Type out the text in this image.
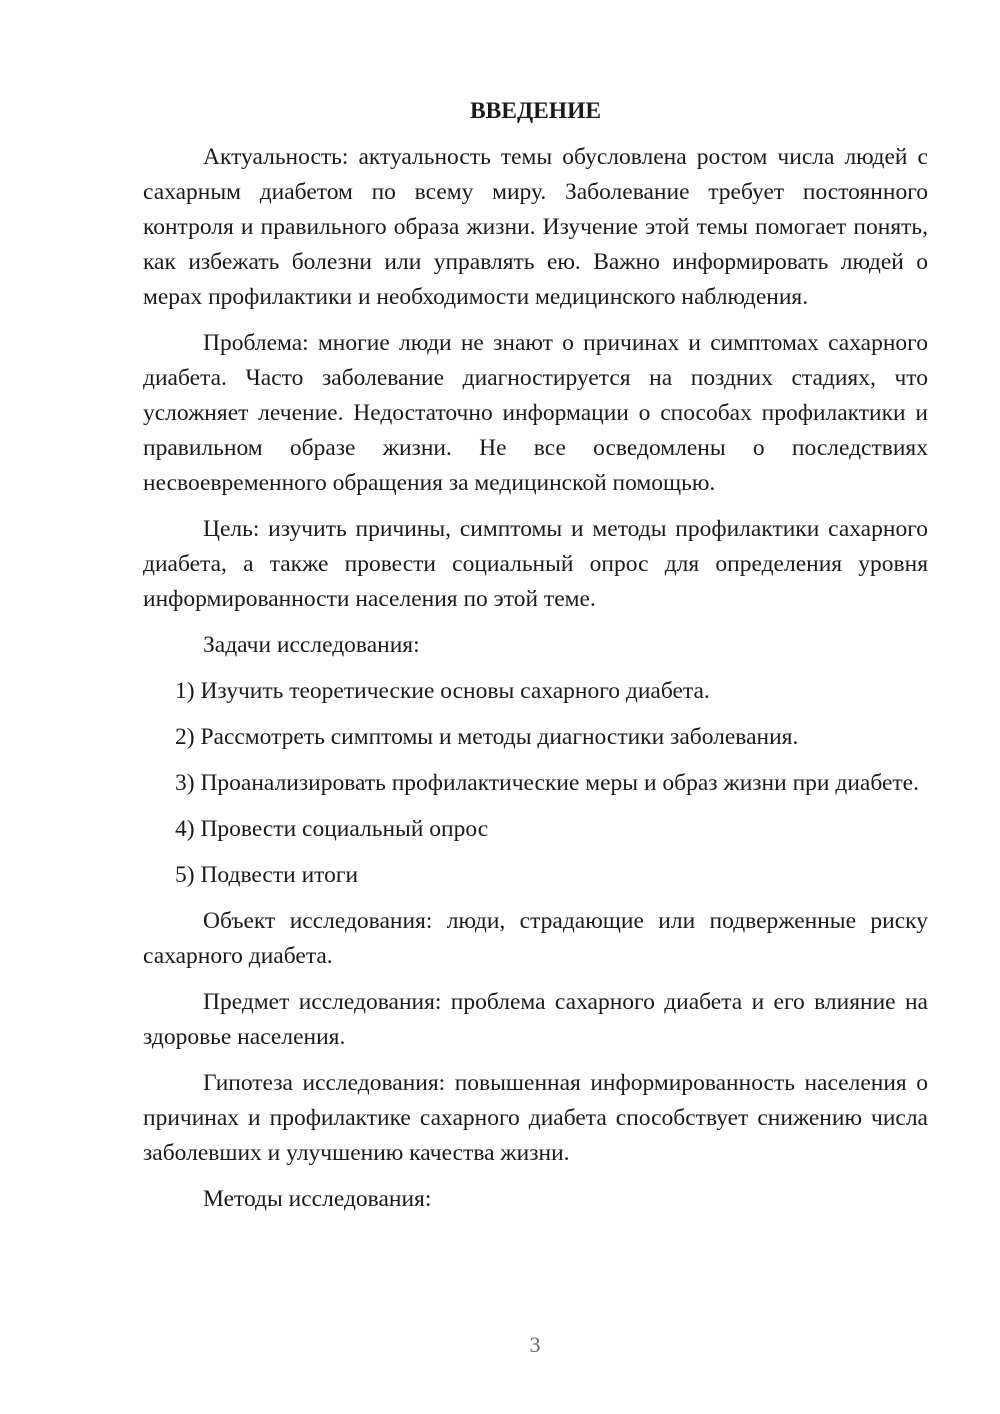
ВВЕДЕНИЕ

Актуальность: актуальность темы обусловлена ростом числа людей с сахарным диабетом по всему миру. Заболевание требует постоянного контроля и правильного образа жизни. Изучение этой темы помогает понять, как избежать болезни или управлять ею. Важно информировать людей о мерах профилактики и необходимости медицинского наблюдения.

Проблема: многие люди не знают о причинах и симптомах сахарного диабета. Часто заболевание диагностируется на поздних стадиях, что усложняет лечение. Недостаточно информации о способах профилактики и правильном образе жизни. Не все осведомлены о последствиях несвоевременного обращения за медицинской помощью.

Цель: изучить причины, симптомы и методы профилактики сахарного диабета, а также провести социальный опрос для определения уровня информированности населения по этой теме.

Задачи исследования:

1) Изучить теоретические основы сахарного диабета.

2) Рассмотреть симптомы и методы диагностики заболевания.

3) Проанализировать профилактические меры и образ жизни при диабете.

4) Провести социальный опрос

5) Подвести итоги

Объект исследования: люди, страдающие или подверженные риску сахарного диабета.

Предмет исследования: проблема сахарного диабета и его влияние на здоровье населения.

Гипотеза исследования: повышенная информированность населения о причинах и профилактике сахарного диабета способствует снижению числа заболевших и улучшению качества жизни.

Методы исследования:

3
